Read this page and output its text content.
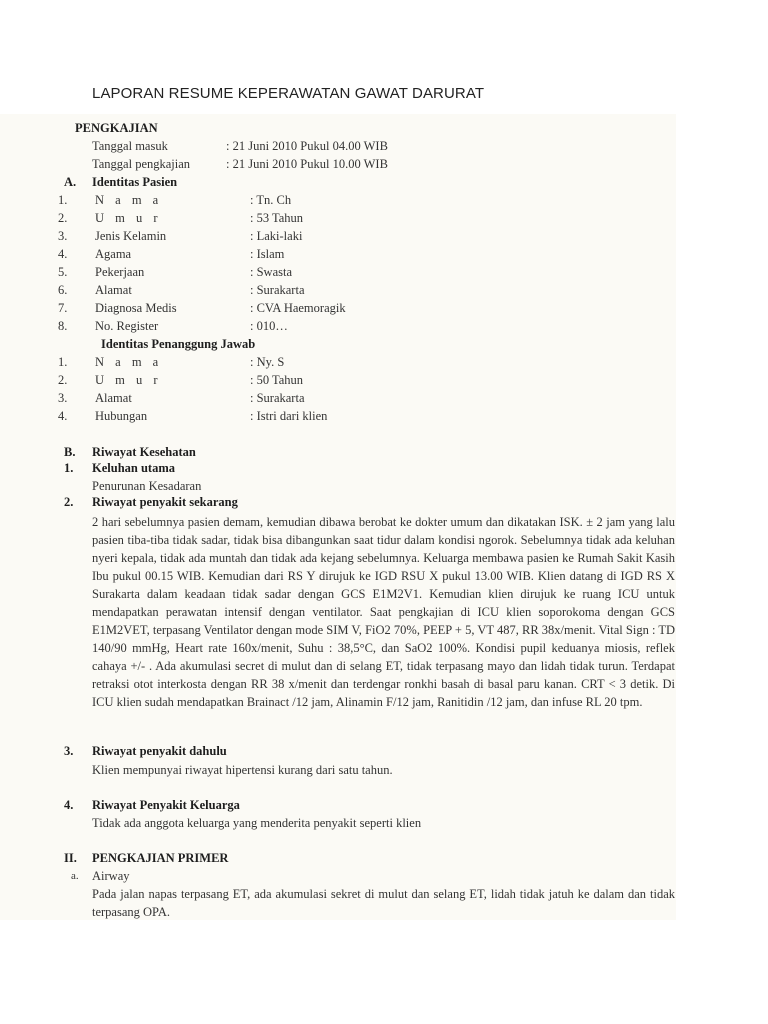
LAPORAN RESUME KEPERAWATAN GAWAT DARURAT
PENGKAJIAN
Tanggal masuk	: 21 Juni 2010 Pukul 04.00 WIB
Tanggal pengkajian	: 21 Juni 2010 Pukul 10.00 WIB
A. Identitas Pasien
1. N a m a	: Tn. Ch
2. U m u r	: 53 Tahun
3. Jenis Kelamin	: Laki-laki
4. Agama	: Islam
5. Pekerjaan	: Swasta
6. Alamat	: Surakarta
7. Diagnosa Medis	: CVA Haemoragik
8. No. Register	: 010…
Identitas Penanggung Jawab
1. N a m a	: Ny. S
2. U m u r	: 50 Tahun
3. Alamat	: Surakarta
4. Hubungan	: Istri dari klien
B. Riwayat Kesehatan
1. Keluhan utama
Penurunan Kesadaran
2. Riwayat penyakit sekarang

2 hari sebelumnya pasien demam, kemudian dibawa berobat ke dokter umum dan dikatakan ISK. ± 2 jam yang lalu pasien tiba-tiba tidak sadar, tidak bisa dibangunkan saat tidur dalam kondisi ngorok. Sebelumnya tidak ada keluhan nyeri kepala, tidak ada muntah dan tidak ada kejang sebelumnya. Keluarga membawa pasien ke Rumah Sakit Kasih Ibu pukul 00.15 WIB. Kemudian dari RS Y dirujuk ke IGD RSU X pukul 13.00 WIB. Klien datang di IGD RS X Surakarta dalam keadaan tidak sadar dengan GCS E1M2V1. Kemudian klien dirujuk ke ruang ICU untuk mendapatkan perawatan intensif dengan ventilator. Saat pengkajian di ICU klien soporokoma dengan GCS E1M2VET, terpasang Ventilator dengan mode SIM V, FiO2 70%, PEEP + 5, VT 487, RR 38x/menit. Vital Sign : TD 140/90 mmHg, Heart rate 160x/menit, Suhu : 38,5°C, dan SaO2 100%. Kondisi pupil keduanya miosis, reflek cahaya +/- . Ada akumulasi secret di mulut dan di selang ET, tidak terpasang mayo dan lidah tidak turun. Terdapat retraksi otot interkosta dengan RR 38 x/menit dan terdengar ronkhi basah di basal paru kanan. CRT < 3 detik. Di ICU klien sudah mendapatkan Brainact /12 jam, Alinamin F/12 jam, Ranitidin /12 jam, dan infuse RL 20 tpm.

3. Riwayat penyakit dahulu
Klien mempunyai riwayat hipertensi kurang dari satu tahun.
4. Riwayat Penyakit Keluarga
Tidak ada anggota keluarga yang menderita penyakit seperti klien
II. PENGKAJIAN PRIMER
a. Airway

Pada jalan napas terpasang ET, ada akumulasi sekret di mulut dan selang ET, lidah tidak jatuh ke dalam dan tidak terpasang OPA.
